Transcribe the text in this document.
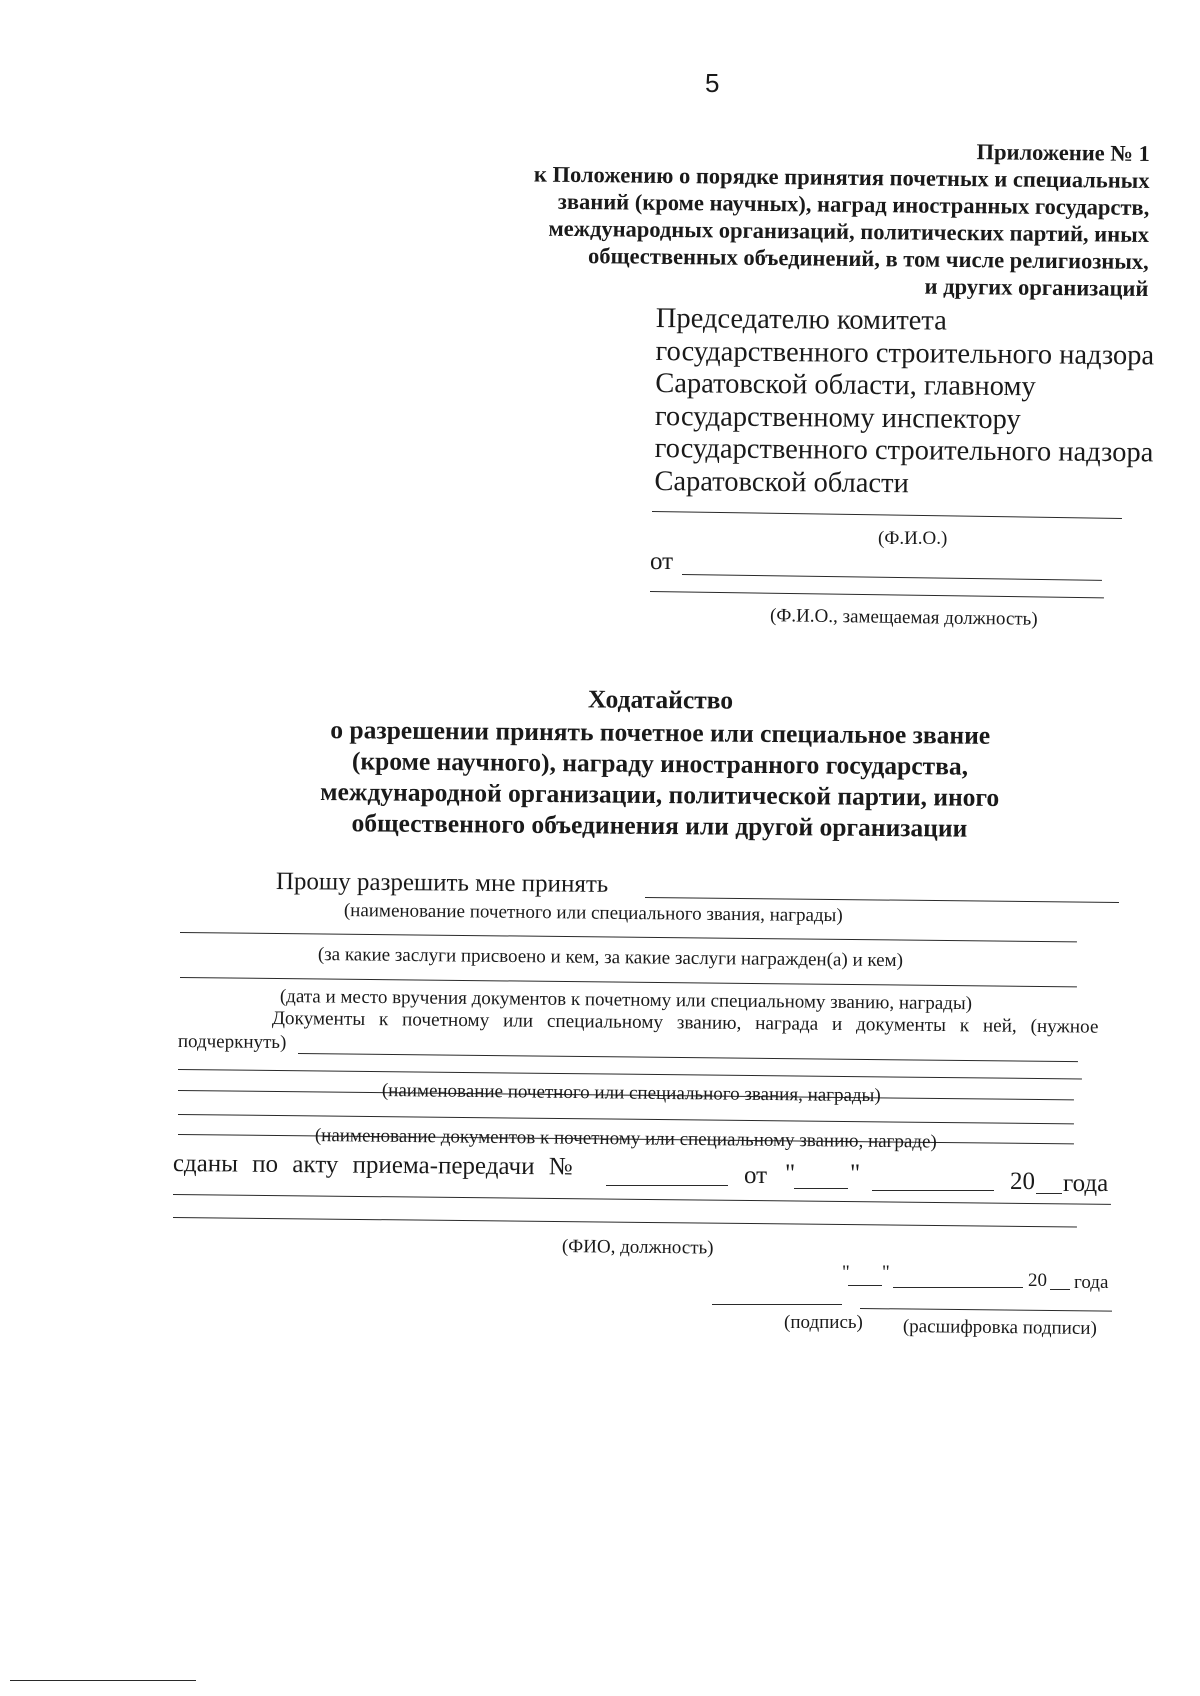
5
Приложение № 1
к Положению о порядке принятия почетных и специальных
званий (кроме научных), наград иностранных государств,
международных организаций, политических партий, иных
общественных объединений, в том числе религиозных,
и других организаций
Председателю комитета
государственного строительного надзора
Саратовской области, главному
государственному инспектору
государственного строительного надзора
Саратовской области
(Ф.И.О.)
от
(Ф.И.О., замещаемая должность)
Ходатайство
о разрешении принять почетное или специальное звание
(кроме научного), награду иностранного государства,
международной организации, политической партии, иного
общественного объединения или другой организации
Прошу разрешить мне принять
(наименование почетного или специального звания, награды)
(за какие заслуги присвоено и кем, за какие заслуги награжден(а) и кем)
(дата и место вручения документов к почетному или специальному званию, награды)
Документы к почетному или специальному званию, награда и документы к ней, (нужное
подчеркнуть)
(наименование почетного или специального звания, награды)
(наименование документов к почетному или специальному званию, награде)
сданы по акту приема-передачи №	от " "	20 года
(ФИО, должность)
" "	20 года
(подпись) (расшифровка подписи)
